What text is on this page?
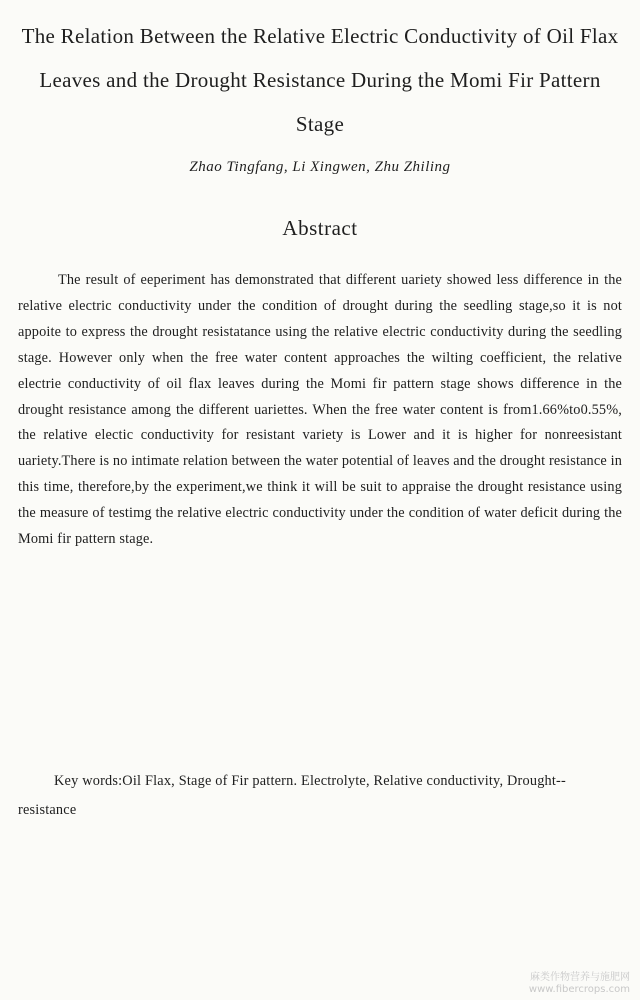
The Relation Between the Relative Electric Conductivity of Oil Flax Leaves and the Drought Resistance During the Momi Fir Pattern Stage
Zhao Tingfang, Li Xingwen, Zhu Zhiling
Abstract

The result of eeperiment has demonstrated that different uariety showed less difference in the relative electric conductivity under the condition of drought during the seedling stage,so it is not appoite to express the drought resistatance using the relative electric conductivity during the seedling stage. However only when the free water content approaches the wilting coefficient, the relative electrie conductivity of oil flax leaves during the Momi fir pattern stage shows difference in the drought resistance among the different uariettes. When the free water content is from1.66%to0.55%, the relative electic conductivity for resistant variety is Lower and it is higher for nonreesistant uariety.There is no intimate relation between the water potential of leaves and the drought resistance in this time, therefore,by the experiment,we think it will be suit to appraise the drought resistance using the measure of testimg the relative electric conductivity under the condition of water deficit during the Momi fir pattern stage.

Key words:Oil Flax, Stage of Fir pattern. Electrolyte, Relative conductivity, Drought--resistance

麻类作物营养与施肥网
www.fibercrops.com
